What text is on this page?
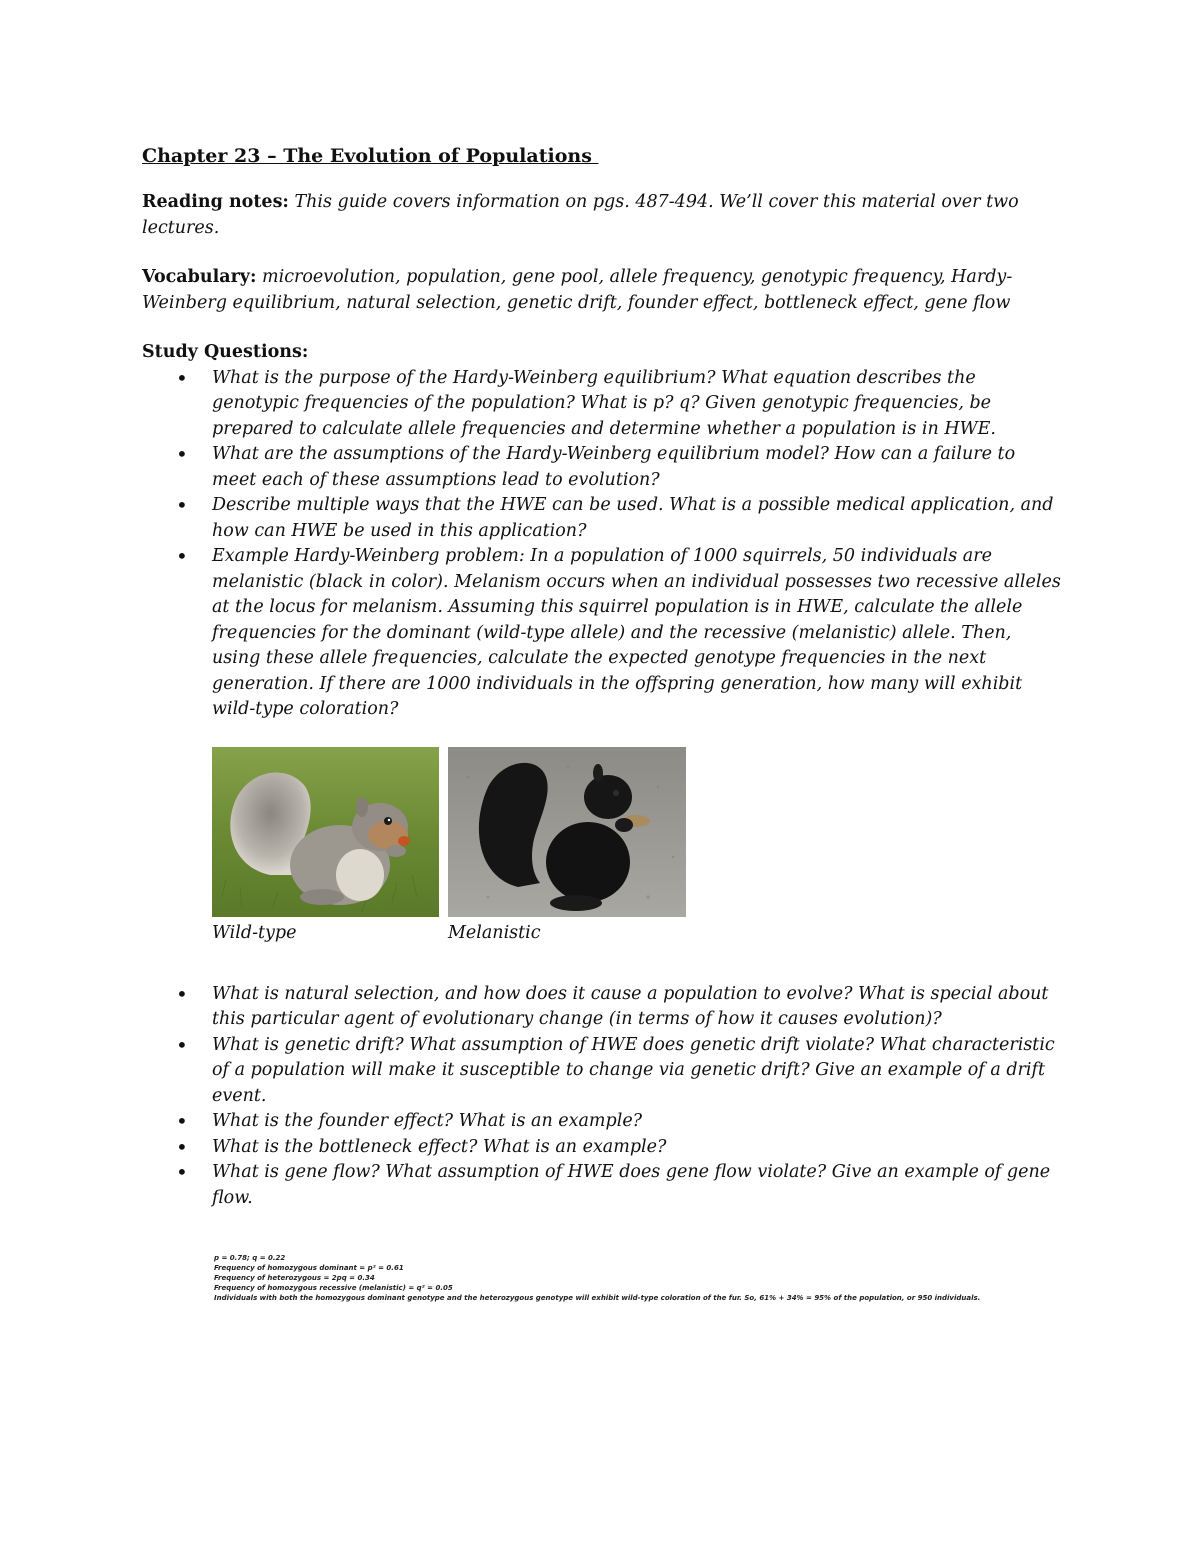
Chapter 23 – The Evolution of Populations

Reading notes: This guide covers information on pgs. 487-494. We’ll cover this material over two lectures.

Vocabulary: microevolution, population, gene pool, allele frequency, genotypic frequency, Hardy-Weinberg equilibrium, natural selection, genetic drift, founder effect, bottleneck effect, gene flow

Study Questions:
• What is the purpose of the Hardy-Weinberg equilibrium? What equation describes the genotypic frequencies of the population? What is p? q? Given genotypic frequencies, be prepared to calculate allele frequencies and determine whether a population is in HWE.
• What are the assumptions of the Hardy-Weinberg equilibrium model? How can a failure to meet each of these assumptions lead to evolution?
• Describe multiple ways that the HWE can be used. What is a possible medical application, and how can HWE be used in this application?
• Example Hardy-Weinberg problem: In a population of 1000 squirrels, 50 individuals are melanistic (black in color). Melanism occurs when an individual possesses two recessive alleles at the locus for melanism. Assuming this squirrel population is in HWE, calculate the allele frequencies for the dominant (wild-type allele) and the recessive (melanistic) allele. Then, using these allele frequencies, calculate the expected genotype frequencies in the next generation. If there are 1000 individuals in the offspring generation, how many will exhibit wild-type coloration?
Wild-type	Melanistic
• What is natural selection, and how does it cause a population to evolve? What is special about this particular agent of evolutionary change (in terms of how it causes evolution)?
• What is genetic drift? What assumption of HWE does genetic drift violate? What characteristic of a population will make it susceptible to change via genetic drift? Give an example of a drift event.
• What is the founder effect? What is an example?
• What is the bottleneck effect? What is an example?
• What is gene flow? What assumption of HWE does gene flow violate? Give an example of gene flow.
p = 0.78; q = 0.22
Frequency of homozygous dominant = p² = 0.61
Frequency of heterozygous = 2pq = 0.34
Frequency of homozygous recessive (melanistic) = q² = 0.05
Individuals with both the homozygous dominant genotype and the heterozygous genotype will exhibit wild-type coloration of the fur. So, 61% + 34% = 95% of the population, or 950 individuals.
